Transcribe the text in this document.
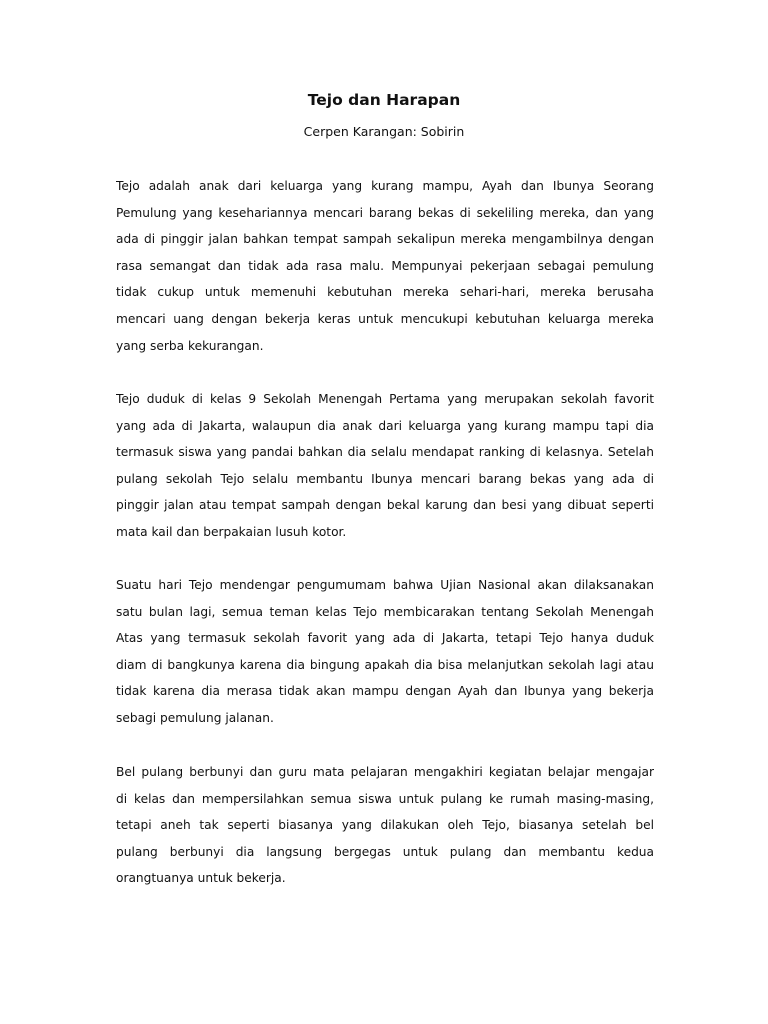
Tejo dan Harapan
Cerpen Karangan: Sobirin
Tejo adalah anak dari keluarga yang kurang mampu, Ayah dan Ibunya Seorang
Pemulung yang kesehariannya mencari barang bekas di sekeliling mereka, dan yang
ada di pinggir jalan bahkan tempat sampah sekalipun mereka mengambilnya dengan
rasa semangat dan tidak ada rasa malu. Mempunyai pekerjaan sebagai pemulung
tidak cukup untuk memenuhi kebutuhan mereka sehari-hari, mereka berusaha
mencari uang dengan bekerja keras untuk mencukupi kebutuhan keluarga mereka
yang serba kekurangan.
Tejo duduk di kelas 9 Sekolah Menengah Pertama yang merupakan sekolah favorit
yang ada di Jakarta, walaupun dia anak dari keluarga yang kurang mampu tapi dia
termasuk siswa yang pandai bahkan dia selalu mendapat ranking di kelasnya. Setelah
pulang sekolah Tejo selalu membantu Ibunya mencari barang bekas yang ada di
pinggir jalan atau tempat sampah dengan bekal karung dan besi yang dibuat seperti
mata kail dan berpakaian lusuh kotor.
Suatu hari Tejo mendengar pengumumam bahwa Ujian Nasional akan dilaksanakan
satu bulan lagi, semua teman kelas Tejo membicarakan tentang Sekolah Menengah
Atas yang termasuk sekolah favorit yang ada di Jakarta, tetapi Tejo hanya duduk
diam di bangkunya karena dia bingung apakah dia bisa melanjutkan sekolah lagi atau
tidak karena dia merasa tidak akan mampu dengan Ayah dan Ibunya yang bekerja
sebagi pemulung jalanan.
Bel pulang berbunyi dan guru mata pelajaran mengakhiri kegiatan belajar mengajar
di kelas dan mempersilahkan semua siswa untuk pulang ke rumah masing-masing,
tetapi aneh tak seperti biasanya yang dilakukan oleh Tejo, biasanya setelah bel
pulang berbunyi dia langsung bergegas untuk pulang dan membantu kedua
orangtuanya untuk bekerja.
